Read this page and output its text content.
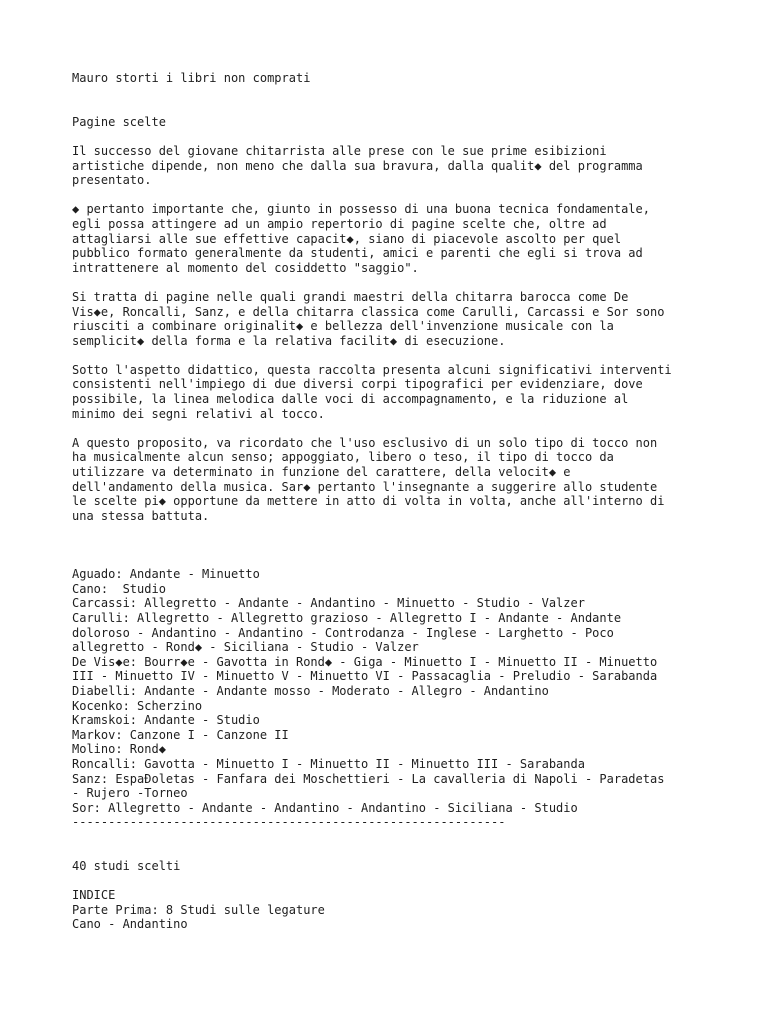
Mauro storti i libri non comprati
Pagine scelte
Il successo del giovane chitarrista alle prese con le sue prime esibizioni
artistiche dipende, non meno che dalla sua bravura, dalla qualit◆ del programma
presentato.
◆ pertanto importante che, giunto in possesso di una buona tecnica fondamentale,
egli possa attingere ad un ampio repertorio di pagine scelte che, oltre ad
attagliarsi alle sue effettive capacit◆, siano di piacevole ascolto per quel
pubblico formato generalmente da studenti, amici e parenti che egli si trova ad
intrattenere al momento del cosiddetto "saggio".
Si tratta di pagine nelle quali grandi maestri della chitarra barocca come De
Vis◆e, Roncalli, Sanz, e della chitarra classica come Carulli, Carcassi e Sor sono
riusciti a combinare originalit◆ e bellezza dell'invenzione musicale con la
semplicit◆ della forma e la relativa facilit◆ di esecuzione.
Sotto l'aspetto didattico, questa raccolta presenta alcuni significativi interventi
consistenti nell'impiego di due diversi corpi tipografici per evidenziare, dove
possibile, la linea melodica dalle voci di accompagnamento, e la riduzione al
minimo dei segni relativi al tocco.
A questo proposito, va ricordato che l'uso esclusivo di un solo tipo di tocco non
ha musicalmente alcun senso; appoggiato, libero o teso, il tipo di tocco da
utilizzare va determinato in funzione del carattere, della velocit◆ e
dell'andamento della musica. Sar◆ pertanto l'insegnante a suggerire allo studente
le scelte pi◆ opportune da mettere in atto di volta in volta, anche all'interno di
una stessa battuta.
Aguado: Andante - Minuetto
Cano:  Studio
Carcassi: Allegretto - Andante - Andantino - Minuetto - Studio - Valzer
Carulli: Allegretto - Allegretto grazioso - Allegretto I - Andante - Andante
doloroso - Andantino - Andantino - Controdanza - Inglese - Larghetto - Poco
allegretto - Rond◆ - Siciliana - Studio - Valzer
De Vis◆e: Bourr◆e - Gavotta in Rond◆ - Giga - Minuetto I - Minuetto II - Minuetto
III - Minuetto IV - Minuetto V - Minuetto VI - Passacaglia - Preludio - Sarabanda
Diabelli: Andante - Andante mosso - Moderato - Allegro - Andantino
Kocenko: Scherzino
Kramskoi: Andante - Studio
Markov: Canzone I - Canzone II
Molino: Rond◆
Roncalli: Gavotta - Minuetto I - Minuetto II - Minuetto III - Sarabanda
Sanz: EspaÐoletas - Fanfara dei Moschettieri - La cavalleria di Napoli - Paradetas
- Rujero -Torneo
Sor: Allegretto - Andante - Andantino - Andantino - Siciliana - Studio
------------------------------------------------------------
40 studi scelti
INDICE
Parte Prima: 8 Studi sulle legature
Cano - Andantino
